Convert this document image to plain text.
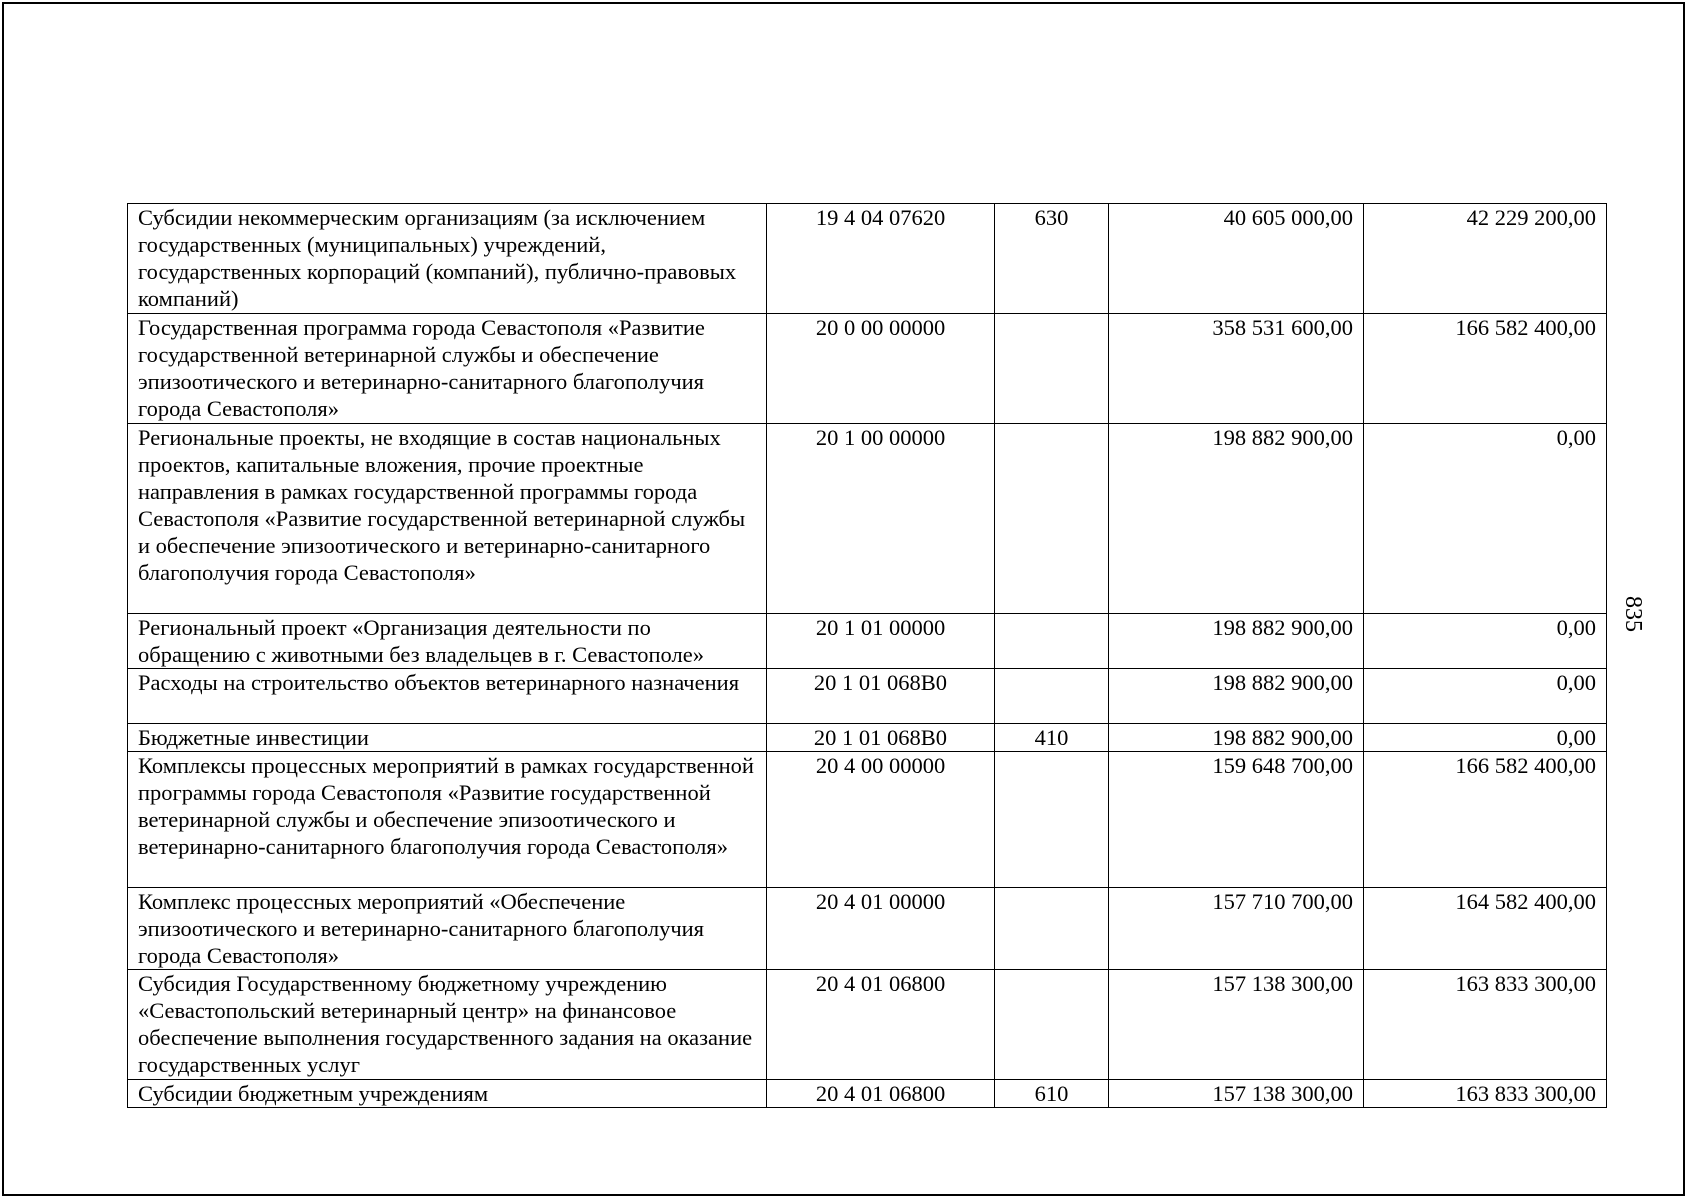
Субсидии некоммерческим организациям (за исключением государственных (муниципальных) учреждений, государственных корпораций (компаний), публично-правовых компаний)	19 4 04 07620	630	40 605 000,00	42 229 200,00
Государственная программа города Севастополя «Развитие государственной ветеринарной службы и обеспечение эпизоотического и ветеринарно-санитарного благополучия города Севастополя»	20 0 00 00000		358 531 600,00	166 582 400,00
Региональные проекты, не входящие в состав национальных проектов, капитальные вложения, прочие проектные направления в рамках государственной программы города Севастополя «Развитие государственной ветеринарной службы и обеспечение эпизоотического и ветеринарно-санитарного благополучия города Севастополя»	20 1 00 00000		198 882 900,00	0,00
Региональный проект «Организация деятельности по обращению с животными без владельцев в г. Севастополе»	20 1 01 00000		198 882 900,00	0,00
Расходы на строительство объектов ветеринарного назначения	20 1 01 068В0		198 882 900,00	0,00
Бюджетные инвестиции	20 1 01 068В0	410	198 882 900,00	0,00
Комплексы процессных мероприятий в рамках государственной программы города Севастополя «Развитие государственной ветеринарной службы и обеспечение эпизоотического и ветеринарно-санитарного благополучия города Севастополя»	20 4 00 00000		159 648 700,00	166 582 400,00
Комплекс процессных мероприятий «Обеспечение эпизоотического и ветеринарно-санитарного благополучия города Севастополя»	20 4 01 00000		157 710 700,00	164 582 400,00
Субсидия Государственному бюджетному учреждению «Севастопольский ветеринарный центр» на финансовое обеспечение выполнения государственного задания на оказание государственных услуг	20 4 01 06800		157 138 300,00	163 833 300,00
Субсидии бюджетным учреждениям	20 4 01 06800	610	157 138 300,00	163 833 300,00
835
